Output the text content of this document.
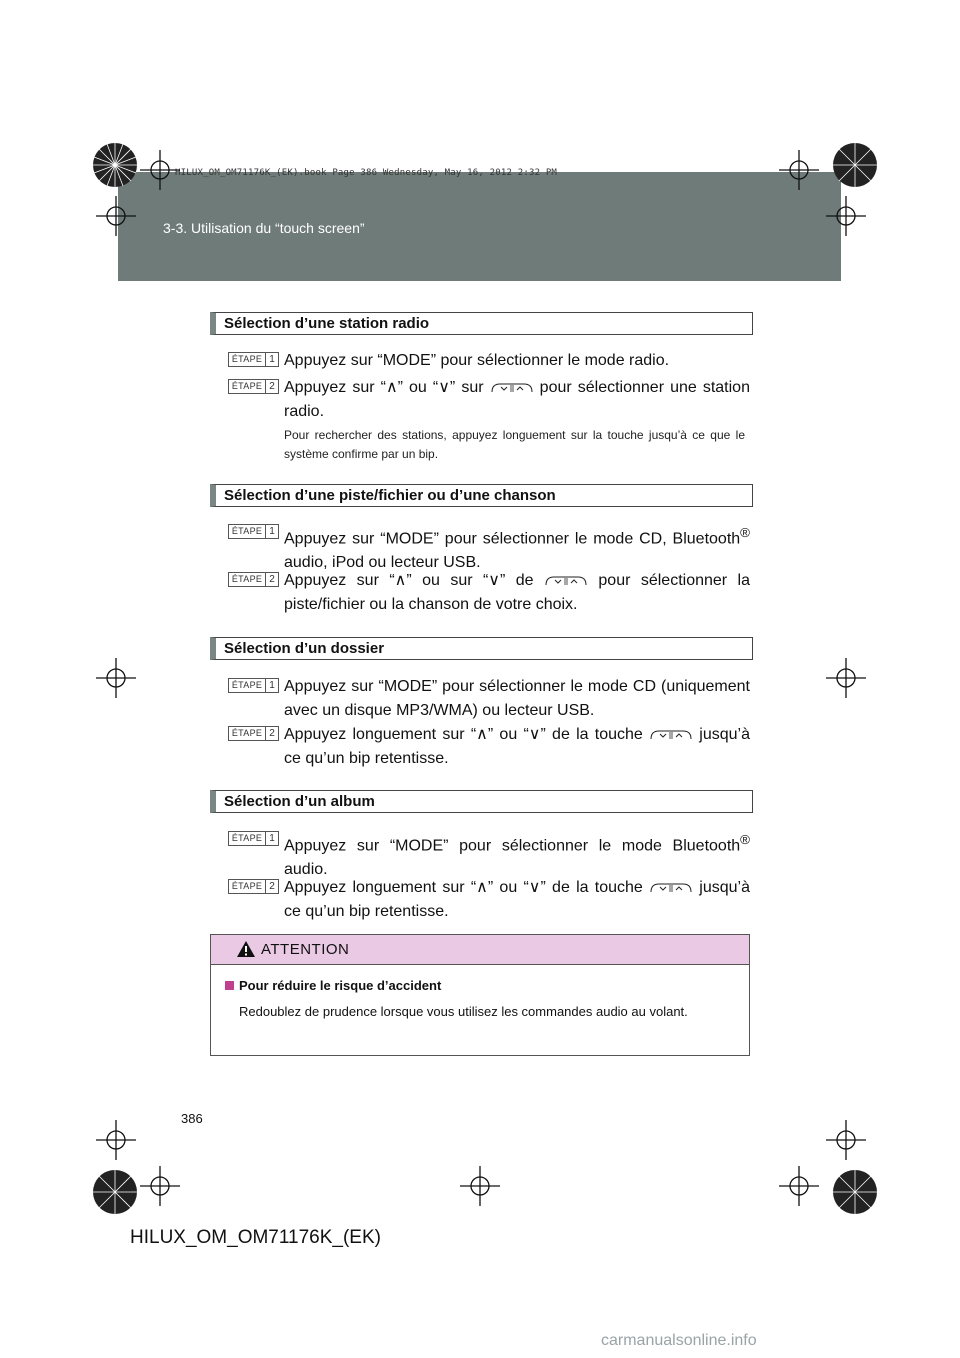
3-3. Utilisation du “touch screen”
HILUX_OM_OM71176K_(EK).book Page 386 Wednesday, May 16, 2012 2:32 PM
Sélection d’une station radio
ÉTAPE 1 Appuyez sur “MODE” pour sélectionner le mode radio.
ÉTAPE 2 Appuyez sur “∧” ou “∨” sur	pour sélectionner une station radio.
Pour rechercher des stations, appuyez longuement sur la touche jusqu’à ce que le système confirme par un bip.
Sélection d’une piste/fichier ou d’une chanson
ÉTAPE 1 Appuyez sur “MODE” pour sélectionner le mode CD, Bluetooth® audio, iPod ou lecteur USB.
ÉTAPE 2 Appuyez sur “∧” ou sur “∨” de	pour sélectionner la piste/fichier ou la chanson de votre choix.
Sélection d’un dossier
ÉTAPE 1 Appuyez sur “MODE” pour sélectionner le mode CD (uniquement avec un disque MP3/WMA) ou lecteur USB.
ÉTAPE 2 Appuyez longuement sur “∧” ou “∨” de la touche	jusqu’à ce qu’un bip retentisse.
Sélection d’un album
ÉTAPE 1 Appuyez sur “MODE” pour sélectionner le mode Bluetooth® audio.
ÉTAPE 2 Appuyez longuement sur “∧” ou “∨” de la touche	jusqu’à ce qu’un bip retentisse.
ATTENTION
Pour réduire le risque d’accident
Redoublez de prudence lorsque vous utilisez les commandes audio au volant.
386
HILUX_OM_OM71176K_(EK)
carmanualsonline.info
